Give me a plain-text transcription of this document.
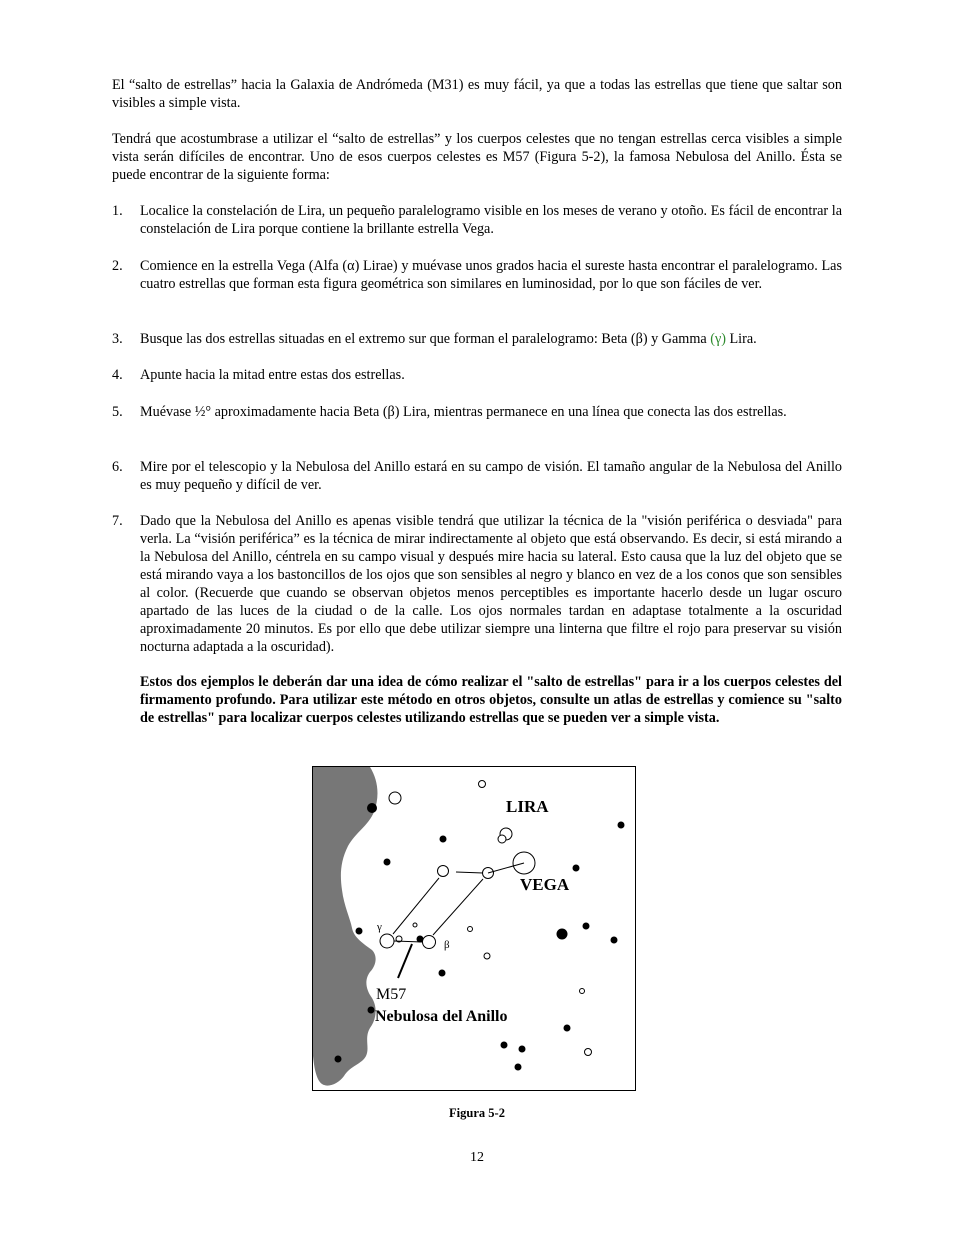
El “salto de estrellas” hacia la Galaxia de Andrómeda (M31) es muy fácil, ya que a todas las estrellas que tiene que saltar son visibles a simple vista.

Tendrá que acostumbrase a utilizar el “salto de estrellas” y los cuerpos celestes que no tengan estrellas cerca visibles a simple vista serán difíciles de encontrar. Uno de esos cuerpos celestes es M57 (Figura 5-2), la famosa Nebulosa del Anillo. Ésta se puede encontrar de la siguiente forma:

1. Localice la constelación de Lira, un pequeño paralelogramo visible en los meses de verano y otoño. Es fácil de encontrar la constelación de Lira porque contiene la brillante estrella Vega.
2. Comience en la estrella Vega (Alfa (α) Lirae) y muévase unos grados hacia el sureste hasta encontrar el paralelogramo. Las cuatro estrellas que forman esta figura geométrica son similares en luminosidad, por lo que son fáciles de ver.
3. Busque las dos estrellas situadas en el extremo sur que forman el paralelogramo: Beta (β) y Gamma (γ) Lira.
4. Apunte hacia la mitad entre estas dos estrellas.
5. Muévase ½° aproximadamente hacia Beta (β) Lira, mientras permanece en una línea que conecta las dos estrellas.
6. Mire por el telescopio y la Nebulosa del Anillo estará en su campo de visión. El tamaño angular de la Nebulosa del Anillo es muy pequeño y difícil de ver.
7. Dado que la Nebulosa del Anillo es apenas visible tendrá que utilizar la técnica de la "visión periférica o desviada" para verla. La “visión periférica” es la técnica de mirar indirectamente al objeto que está observando. Es decir, si está mirando a la Nebulosa del Anillo, céntrela en su campo visual y después mire hacia su lateral. Esto causa que la luz del objeto que se está mirando vaya a los bastoncillos de los ojos que son sensibles al negro y blanco en vez de a los conos que son sensibles al color. (Recuerde que cuando se observan objetos menos perceptibles es importante hacerlo desde un lugar oscuro apartado de las luces de la ciudad o de la calle. Los ojos normales tardan en adaptase totalmente a la oscuridad aproximadamente 20 minutos. Es por ello que debe utilizar siempre una linterna que filtre el rojo para preservar su visión nocturna adaptada a la oscuridad).
Estos dos ejemplos le deberán dar una idea de cómo realizar el "salto de estrellas" para ir a los cuerpos celestes del firmamento profundo. Para utilizar este método en otros objetos, consulte un atlas de estrellas y comience su "salto de estrellas" para localizar cuerpos celestes utilizando estrellas que se pueden ver a simple vista.
LIRA
VEGA
γ
β
M57
Nebulosa del Anillo
Figura 5-2
12
